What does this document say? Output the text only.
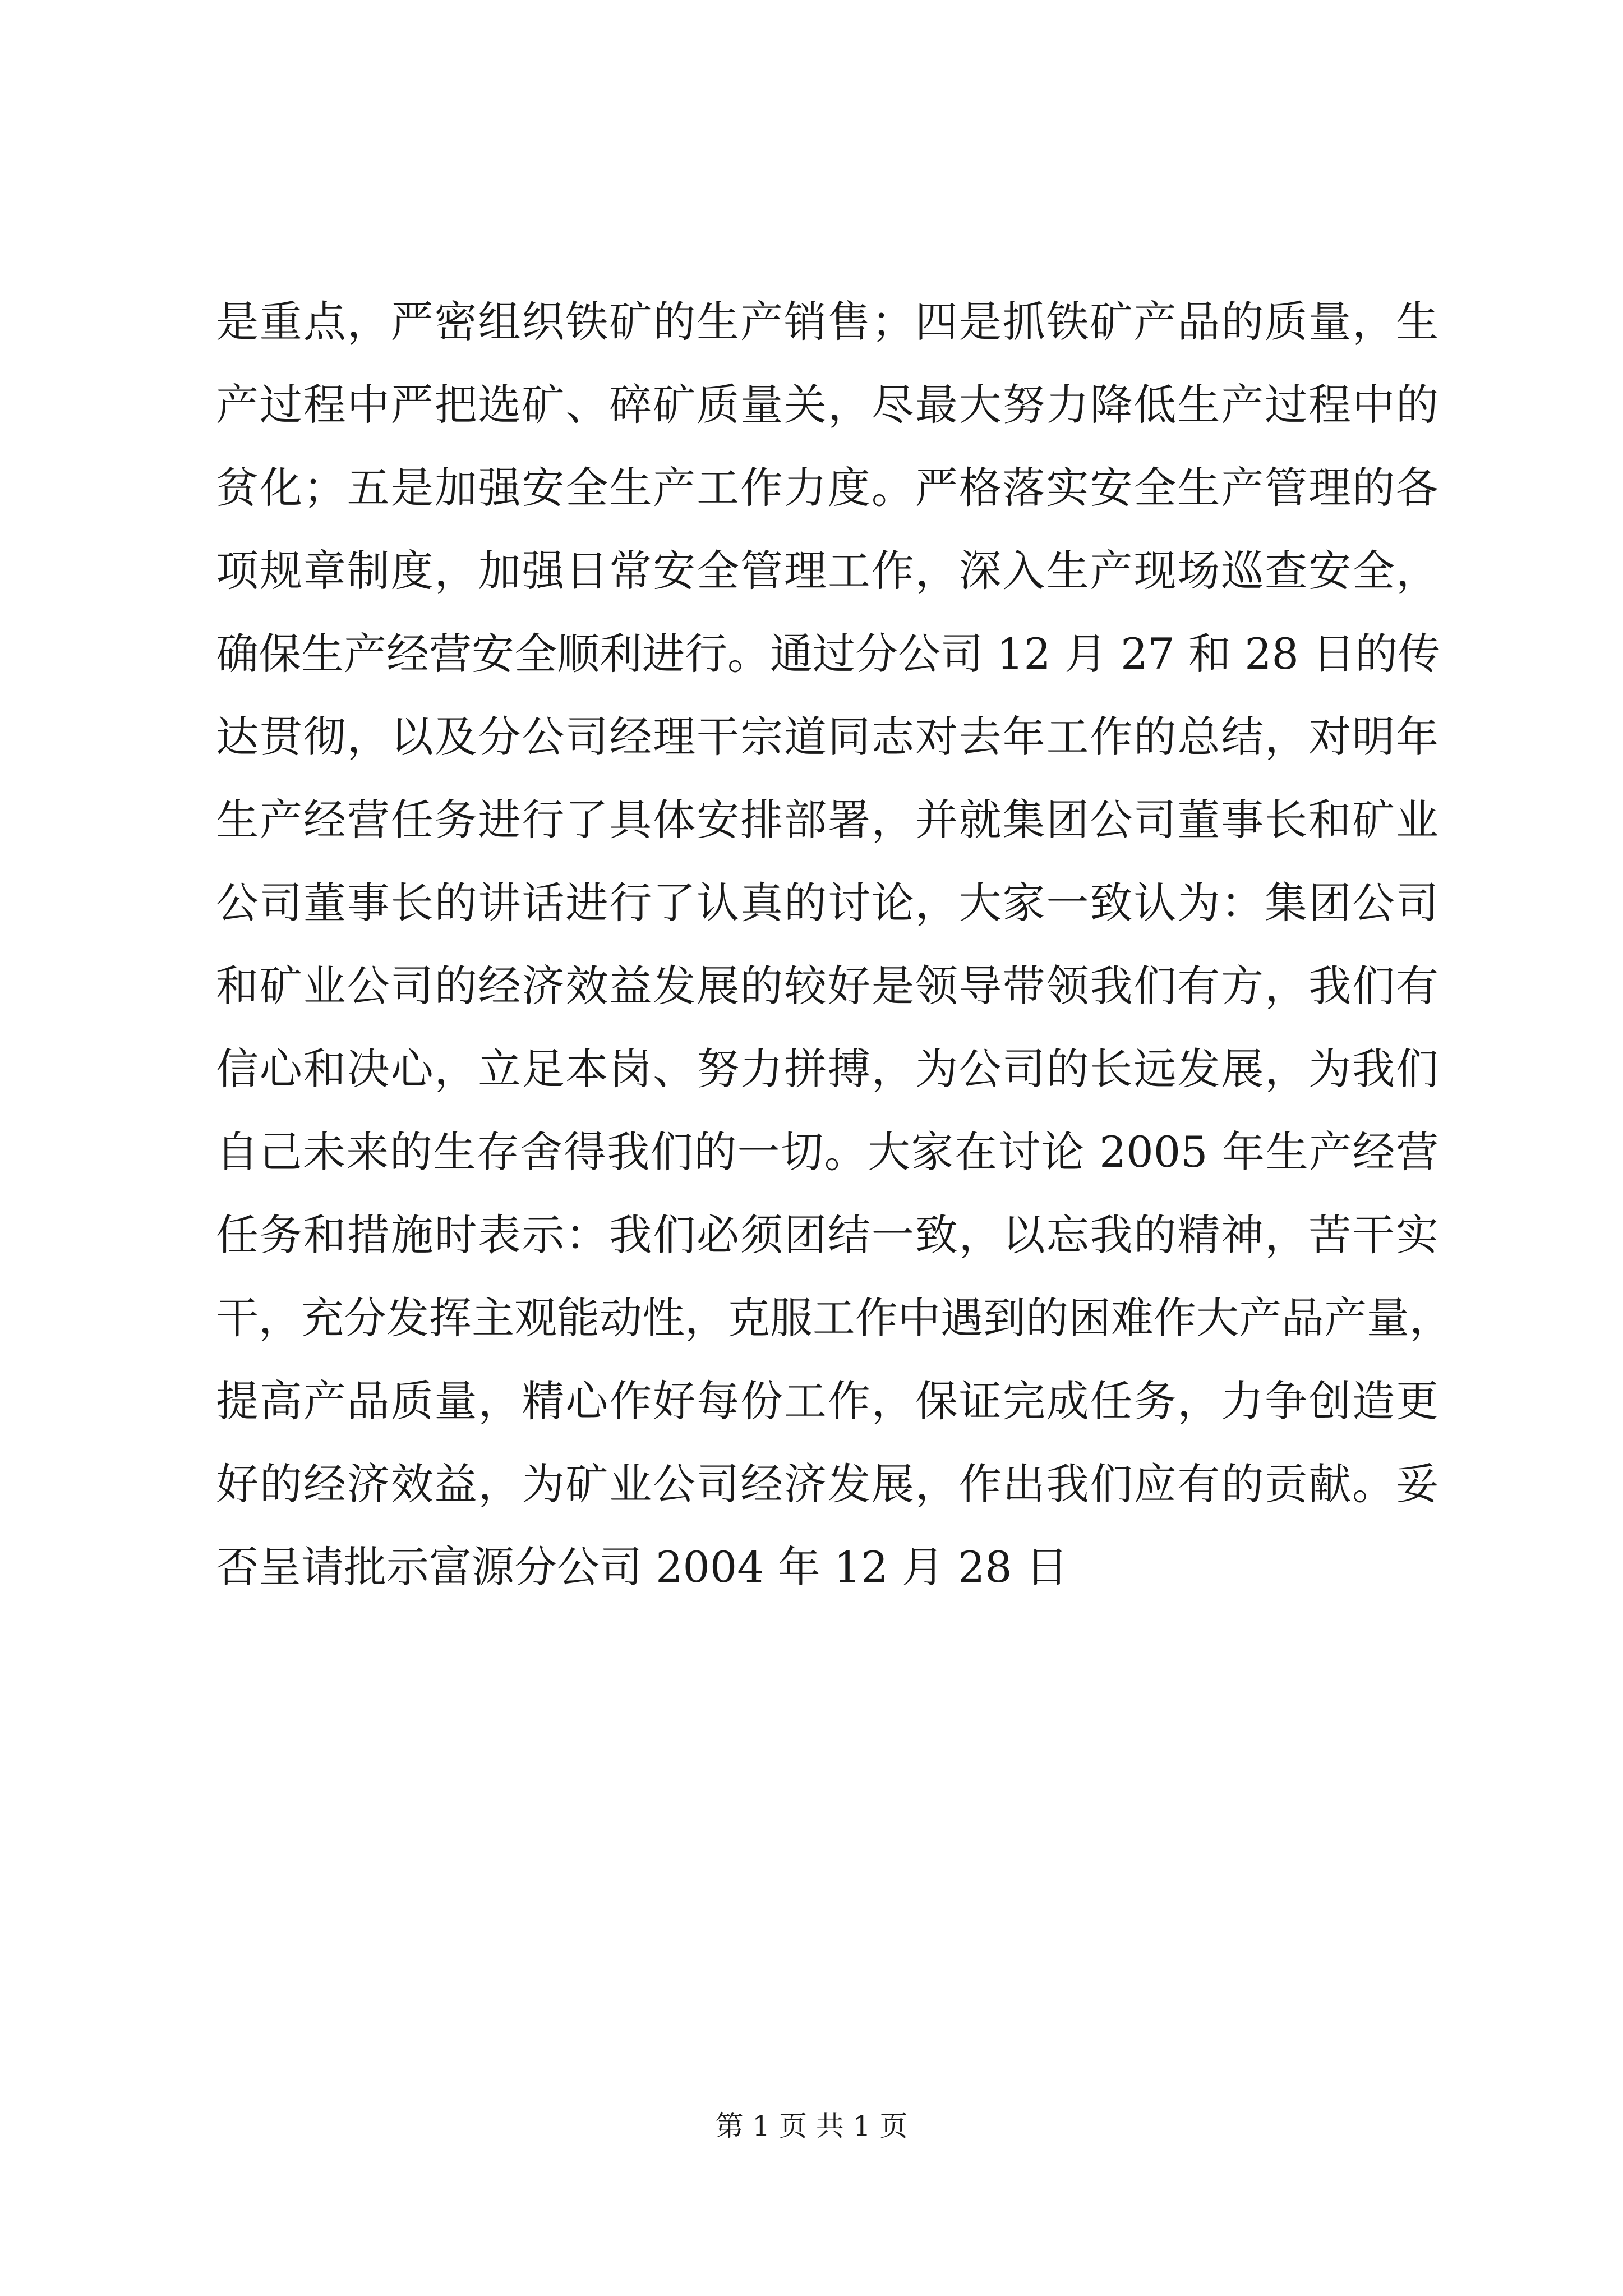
是重点，严密组织铁矿的生产销售；四是抓铁矿产品的质量，生
产过程中严把选矿、碎矿质量关，尽最大努力降低生产过程中的
贫化；五是加强安全生产工作力度。严格落实安全生产管理的各
项规章制度，加强日常安全管理工作，深入生产现场巡查安全，
确保生产经营安全顺利进行。通过分公司 12 月 27 和 28 日的传
达贯彻，以及分公司经理干宗道同志对去年工作的总结，对明年
生产经营任务进行了具体安排部署，并就集团公司董事长和矿业
公司董事长的讲话进行了认真的讨论，大家一致认为：集团公司
和矿业公司的经济效益发展的较好是领导带领我们有方，我们有
信心和决心，立足本岗、努力拼搏，为公司的长远发展，为我们
自己未来的生存舍得我们的一切。大家在讨论 2005 年生产经营
任务和措施时表示：我们必须团结一致，以忘我的精神，苦干实
干，充分发挥主观能动性，克服工作中遇到的困难作大产品产量，
提高产品质量，精心作好每份工作，保证完成任务，力争创造更
好的经济效益，为矿业公司经济发展，作出我们应有的贡献。妥
否呈请批示富源分公司 2004 年 12 月 28 日
第 1 页 共 1 页
